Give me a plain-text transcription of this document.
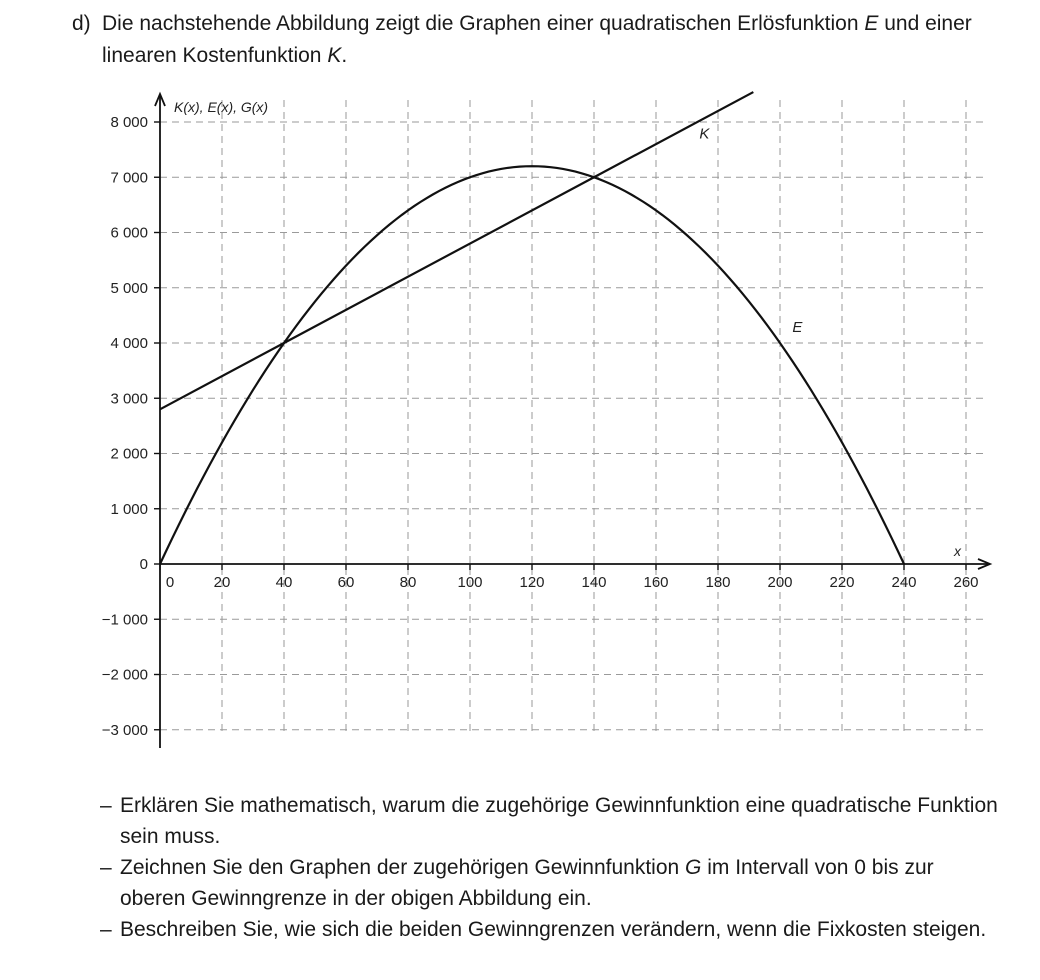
d) Die nachstehende Abbildung zeigt die Graphen einer quadratischen Erlösfunktion E und einer linearen Kostenfunktion K.
0	20	40	60	80	100 120 140 160 180 200 220 240 260
−3 000
−2 000
−1 000
0
1 000
2 000
3 000
4 000
5 000
6 000
7 000
8 000
K(x), E(x), G(x)
x
K
E
– Erklären Sie mathematisch, warum die zugehörige Gewinnfunktion eine quadratische Funktion sein muss.
– Zeichnen Sie den Graphen der zugehörigen Gewinnfunktion G im Intervall von 0 bis zur oberen Gewinngrenze in der obigen Abbildung ein.
– Beschreiben Sie, wie sich die beiden Gewinngrenzen verändern, wenn die Fixkosten steigen.
